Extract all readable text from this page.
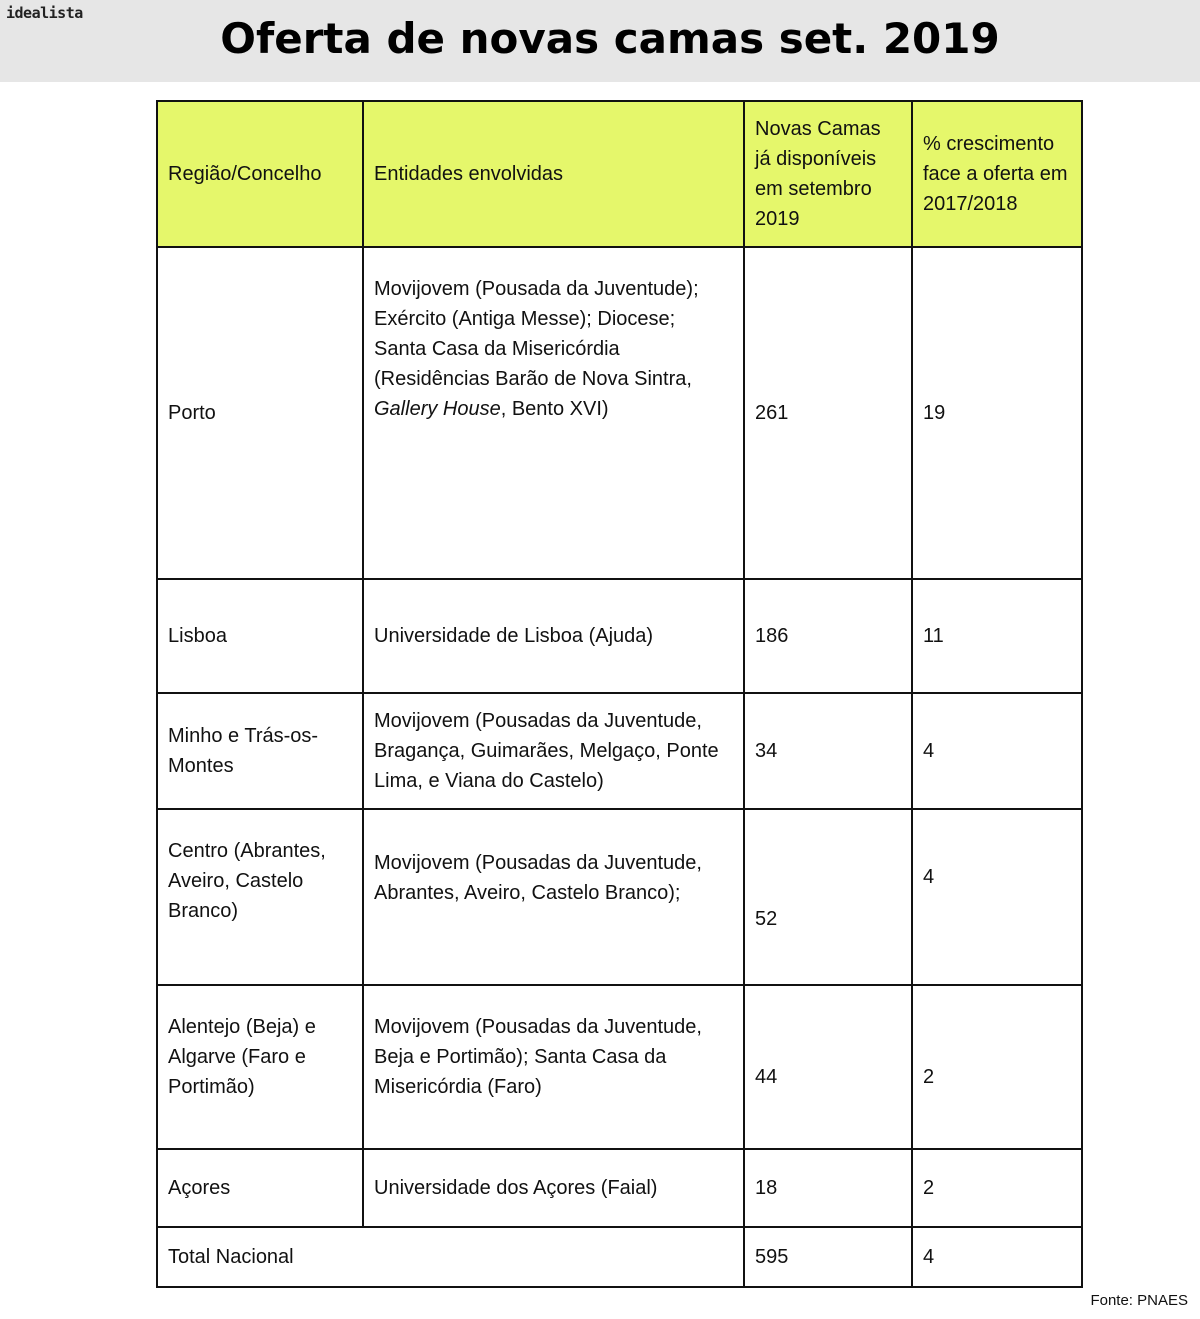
idealista
Oferta de novas camas set. 2019
Região/Concelho	Entidades envolvidas	Novas Camas já disponíveis em setembro 2019	% crescimento face a oferta em 2017/2018
Porto	Movijovem (Pousada da Juventude); Exército (Antiga Messe); Diocese; Santa Casa da Misericórdia (Residências Barão de Nova Sintra, Gallery House, Bento XVI)	261	19
Lisboa	Universidade de Lisboa (Ajuda)	186	11
Minho e Trás-os-Montes	Movijovem (Pousadas da Juventude, Bragança, Guimarães, Melgaço, Ponte Lima, e Viana do Castelo)	34	4
Centro (Abrantes, Aveiro, Castelo Branco)	Movijovem (Pousadas da Juventude, Abrantes, Aveiro, Castelo Branco);	52	4
Alentejo (Beja) e Algarve (Faro e Portimão)	Movijovem (Pousadas da Juventude, Beja e Portimão); Santa Casa da Misericórdia (Faro)	44	2
Açores	Universidade dos Açores (Faial)	18	2
Total Nacional		595	4
Fonte: PNAES
